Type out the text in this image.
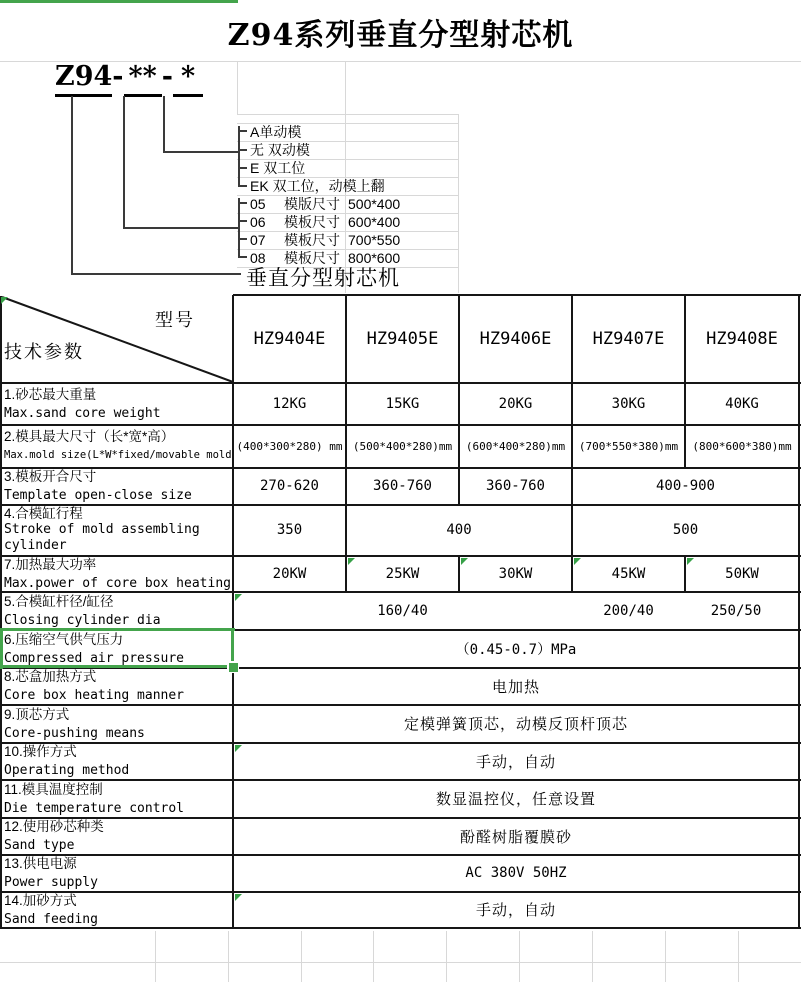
Z94系列垂直分型射芯机
Z94- ** - *
A单动模
无 双动模
E 双工位
EK 双工位，动模上翻
05 模版尺寸 500*400
06 模板尺寸 600*400
07 模板尺寸 700*550
08 模板尺寸 800*600
垂直分型射芯机
型号
技术参数
HZ9404E	HZ9405E	HZ9406E	HZ9407E	HZ9408E
1.砂芯最大重量
Max.sand core weight
12KG	15KG	20KG	30KG	40KG
2.模具最大尺寸（长*宽*高）
Max.mold size(L*W*fixed/movable mold
(400*300*280) mm (500*400*280)mm	(600*400*280)mm	(700*550*380)mm	(800*600*380)mm
3.模板开合尺寸
Template open-close size
270-620	360-760	360-760	400-900
4.合模缸行程
Stroke of mold assembling
cylinder
350	400	500
7.加热最大功率
Max.power of core box heating
20KW	25KW	30KW	45KW	50KW
5.合模缸杆径/缸径
Closing cylinder dia
160/40	200/40	250/50
6.压缩空气供气压力
Compressed air pressure
（0.45-0.7）MPa
8.芯盒加热方式
Core box heating manner	电加热
9.顶芯方式
Core-pushing means	定模弹簧顶芯，动模反顶杆顶芯
10.操作方式
Operating method	手动，自动
11.模具温度控制
Die temperature control	数显温控仪，任意设置
12.使用砂芯种类
Sand type	酚醛树脂覆膜砂
13.供电电源
Power supply
AC 380V 50HZ
14.加砂方式
Sand feeding	手动，自动
